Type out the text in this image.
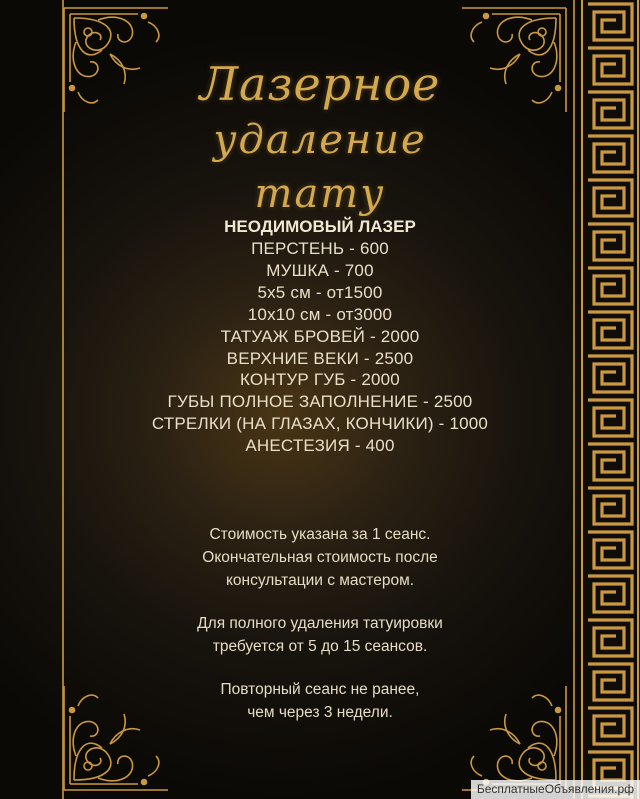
Лазерное
удаление тату
НЕОДИМОВЫЙ ЛАЗЕР
ПЕРСТЕНЬ - 600
МУШКА - 700
5х5 см - от1500
10х10 см - от3000
ТАТУАЖ БРОВЕЙ - 2000
ВЕРХНИЕ ВЕКИ - 2500
КОНТУР ГУБ - 2000
ГУБЫ ПОЛНОЕ ЗАПОЛНЕНИЕ - 2500
СТРЕЛКИ (НА ГЛАЗАХ, КОНЧИКИ) - 1000
АНЕСТЕЗИЯ - 400

Стоимость указана за 1 сеанс.
Окончательная стоимость после
консультации с мастером.

Для полного удаления татуировки
требуется от 5 до 15 сеансов.

Повторный сеанс не ранее,
чем через 3 недели.

БесплатныеОбъявления.рф
